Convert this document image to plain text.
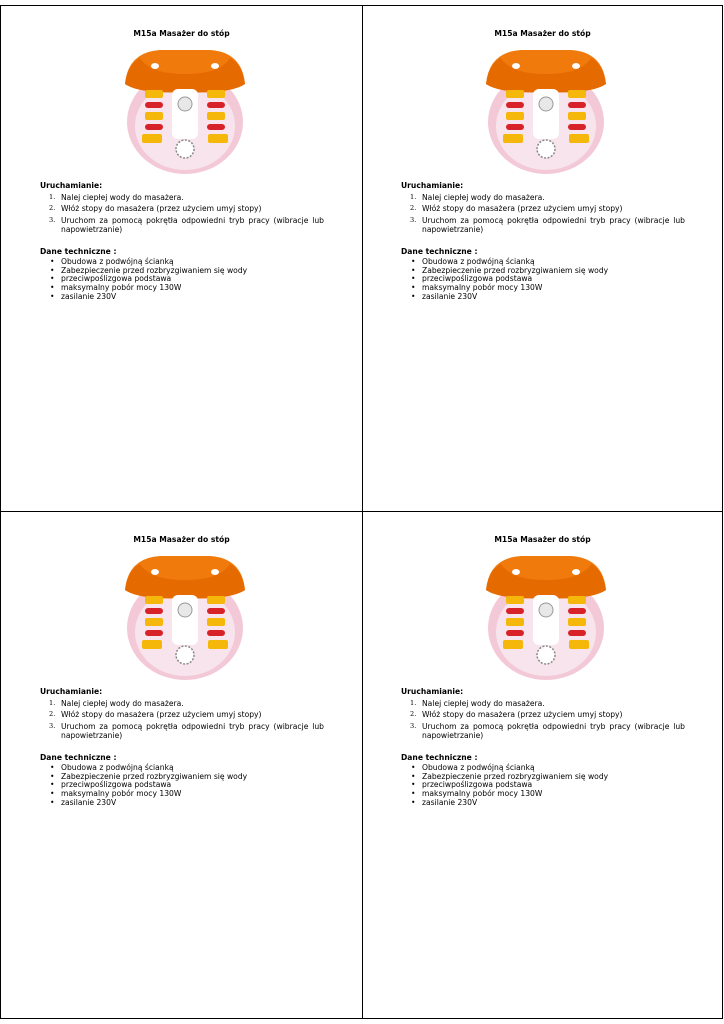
M15a Masażer do stóp

Uruchamianie:

1. Nalej ciepłej wody do masażera.
2. Włóż stopy do masażera (przez użyciem umyj stopy)
3. Uruchom za pomocą pokrętła odpowiedni tryb pracy (wibracje lub napowietrzanie)

Dane techniczne :

• Obudowa z podwójną ścianką
• Zabezpieczenie przed rozbryzgiwaniem się wody
• przeciwpoślizgowa podstawa
• maksymalny pobór mocy 130W
• zasilanie 230V
M15a Masażer do stóp

Uruchamianie:

1. Nalej ciepłej wody do masażera.
2. Włóż stopy do masażera (przez użyciem umyj stopy)
3. Uruchom za pomocą pokrętła odpowiedni tryb pracy (wibracje lub napowietrzanie)

Dane techniczne :

• Obudowa z podwójną ścianką
• Zabezpieczenie przed rozbryzgiwaniem się wody
• przeciwpoślizgowa podstawa
• maksymalny pobór mocy 130W
• zasilanie 230V
M15a Masażer do stóp

Uruchamianie:

1. Nalej ciepłej wody do masażera.
2. Włóż stopy do masażera (przez użyciem umyj stopy)
3. Uruchom za pomocą pokrętła odpowiedni tryb pracy (wibracje lub napowietrzanie)

Dane techniczne :

• Obudowa z podwójną ścianką
• Zabezpieczenie przed rozbryzgiwaniem się wody
• przeciwpoślizgowa podstawa
• maksymalny pobór mocy 130W
• zasilanie 230V
M15a Masażer do stóp

Uruchamianie:

1. Nalej ciepłej wody do masażera.
2. Włóż stopy do masażera (przez użyciem umyj stopy)
3. Uruchom za pomocą pokrętła odpowiedni tryb pracy (wibracje lub napowietrzanie)

Dane techniczne :

• Obudowa z podwójną ścianką
• Zabezpieczenie przed rozbryzgiwaniem się wody
• przeciwpoślizgowa podstawa
• maksymalny pobór mocy 130W
• zasilanie 230V
